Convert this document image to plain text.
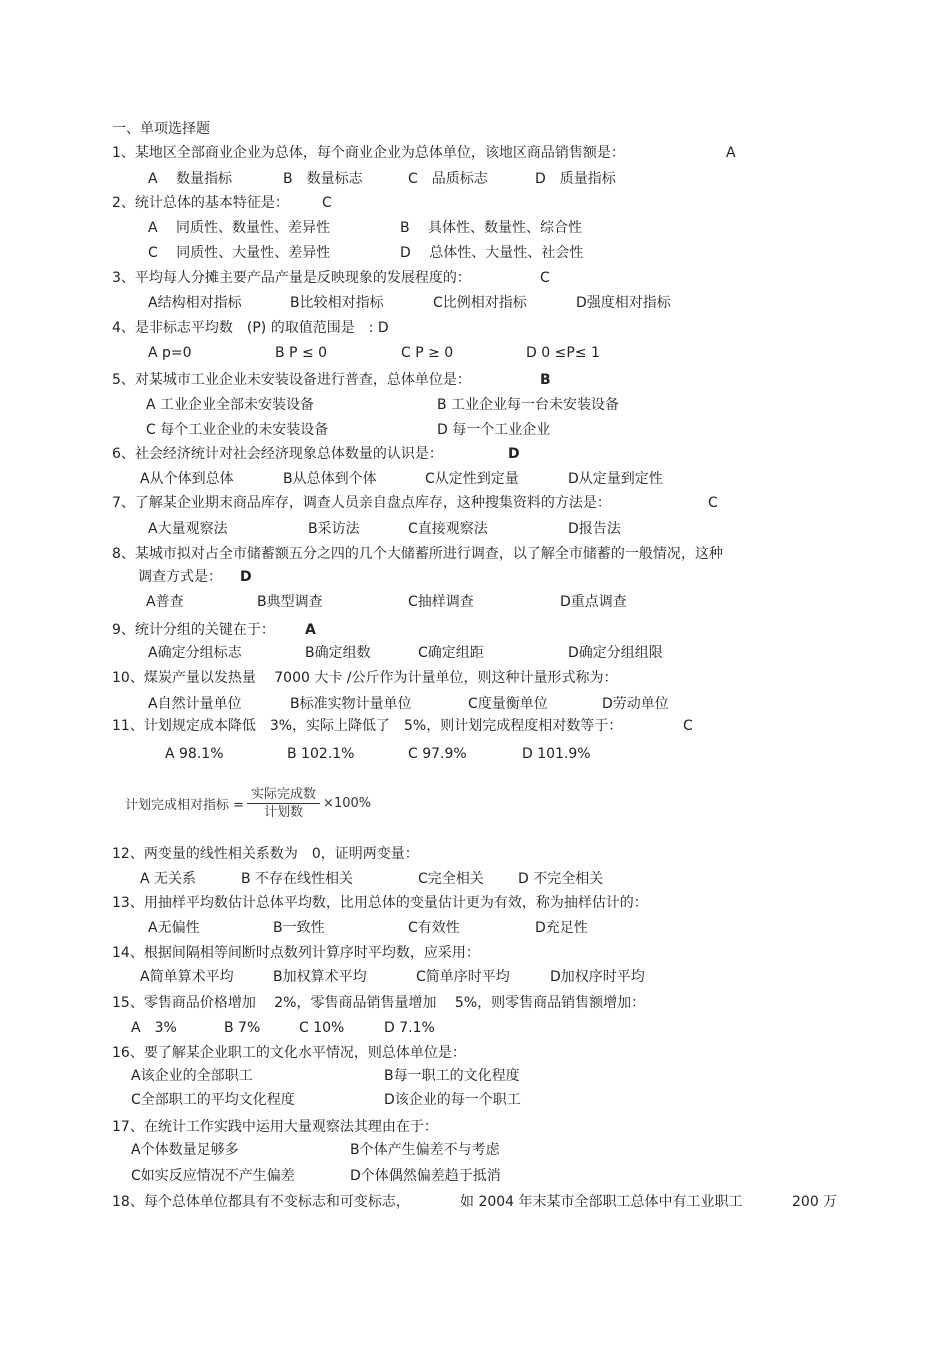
一、单项选择题
1、某地区全部商业企业为总体，每个商业企业为总体单位，该地区商品销售额是：	A
A　 数量指标	B　数量标志	C　品质标志	D　质量指标
2、统计总体的基本特征是： C
A　 同质性、数量性、差异性	B　 具体性、数量性、综合性
C　 同质性、大量性、差异性	D　 总体性、大量性、社会性
3、平均每人分摊主要产品产量是反映现象的发展程度的：	C
A结构相对指标	B比较相对指标	C比例相对指标	D强度相对指标
4、是非标志平均数　(P) 的取值范围是　: D
A p=0	B P ≤ 0	C P ≥ 0	D 0 ≤P≤ 1
5、对某城市工业企业未安装设备进行普查，总体单位是：	B
A 工业企业全部未安装设备	B 工业企业每一台未安装设备
C 每个工业企业的未安装设备	D 每一个工业企业
6、社会经济统计对社会经济现象总体数量的认识是：	D
A从个体到总体	B从总体到个体	C从定性到定量	D从定量到定性
7、了解某企业期末商品库存，调查人员亲自盘点库存，这种搜集资料的方法是：	C
A大量观察法	B采访法	C直接观察法	D报告法
8、某城市拟对占全市储蓄额五分之四的几个大储蓄所进行调查，以了解全市储蓄的一般情况，这种
调查方式是： D
A普查	B典型调查	C抽样调查	D重点调查
9、统计分组的关键在于： A
A确定分组标志	B确定组数	C确定组距	D确定分组组限
10、煤炭产量以发热量　 7000 大卡 /公斤作为计量单位，则这种计量形式称为：
A自然计量单位	B标准实物计量单位	C度量衡单位	D劳动单位
11、计划规定成本降低　3%，实际上降低了　5%，则计划完成程度相对数等于：	C
A 98.1%	B 102.1%	C 97.9%	D 101.9%
计划完成相对指标 = $\frac{\text{实际完成数}}{\text{计划数}} \times 100\%$
12、两变量的线性相关系数为　0，证明两变量：
A 无关系	B 不存在线性相关	C完全相关 D 不完全相关
13、用抽样平均数估计总体平均数，比用总体的变量估计更为有效，称为抽样估计的：
A无偏性	B一致性	C有效性	D充足性
14、根据间隔相等间断时点数列计算序时平均数，应采用：
A简单算术平均	B加权算术平均	C简单序时平均	D加权序时平均
15、零售商品价格增加　 2%，零售商品销售量增加　 5%，则零售商品销售额增加：
A　3%	B 7%	C 10%	D 7.1%
16、要了解某企业职工的文化水平情况，则总体单位是：
A该企业的全部职工	B每一职工的文化程度
C全部职工的平均文化程度	D该企业的每一个职工
17、在统计工作实践中运用大量观察法其理由在于：
A个体数量足够多	B个体产生偏差不与考虑
C如实反应情况不产生偏差	D个体偶然偏差趋于抵消
18、每个总体单位都具有不变标志和可变标志，	如 2004 年末某市全部职工总体中有工业职工	200 万
